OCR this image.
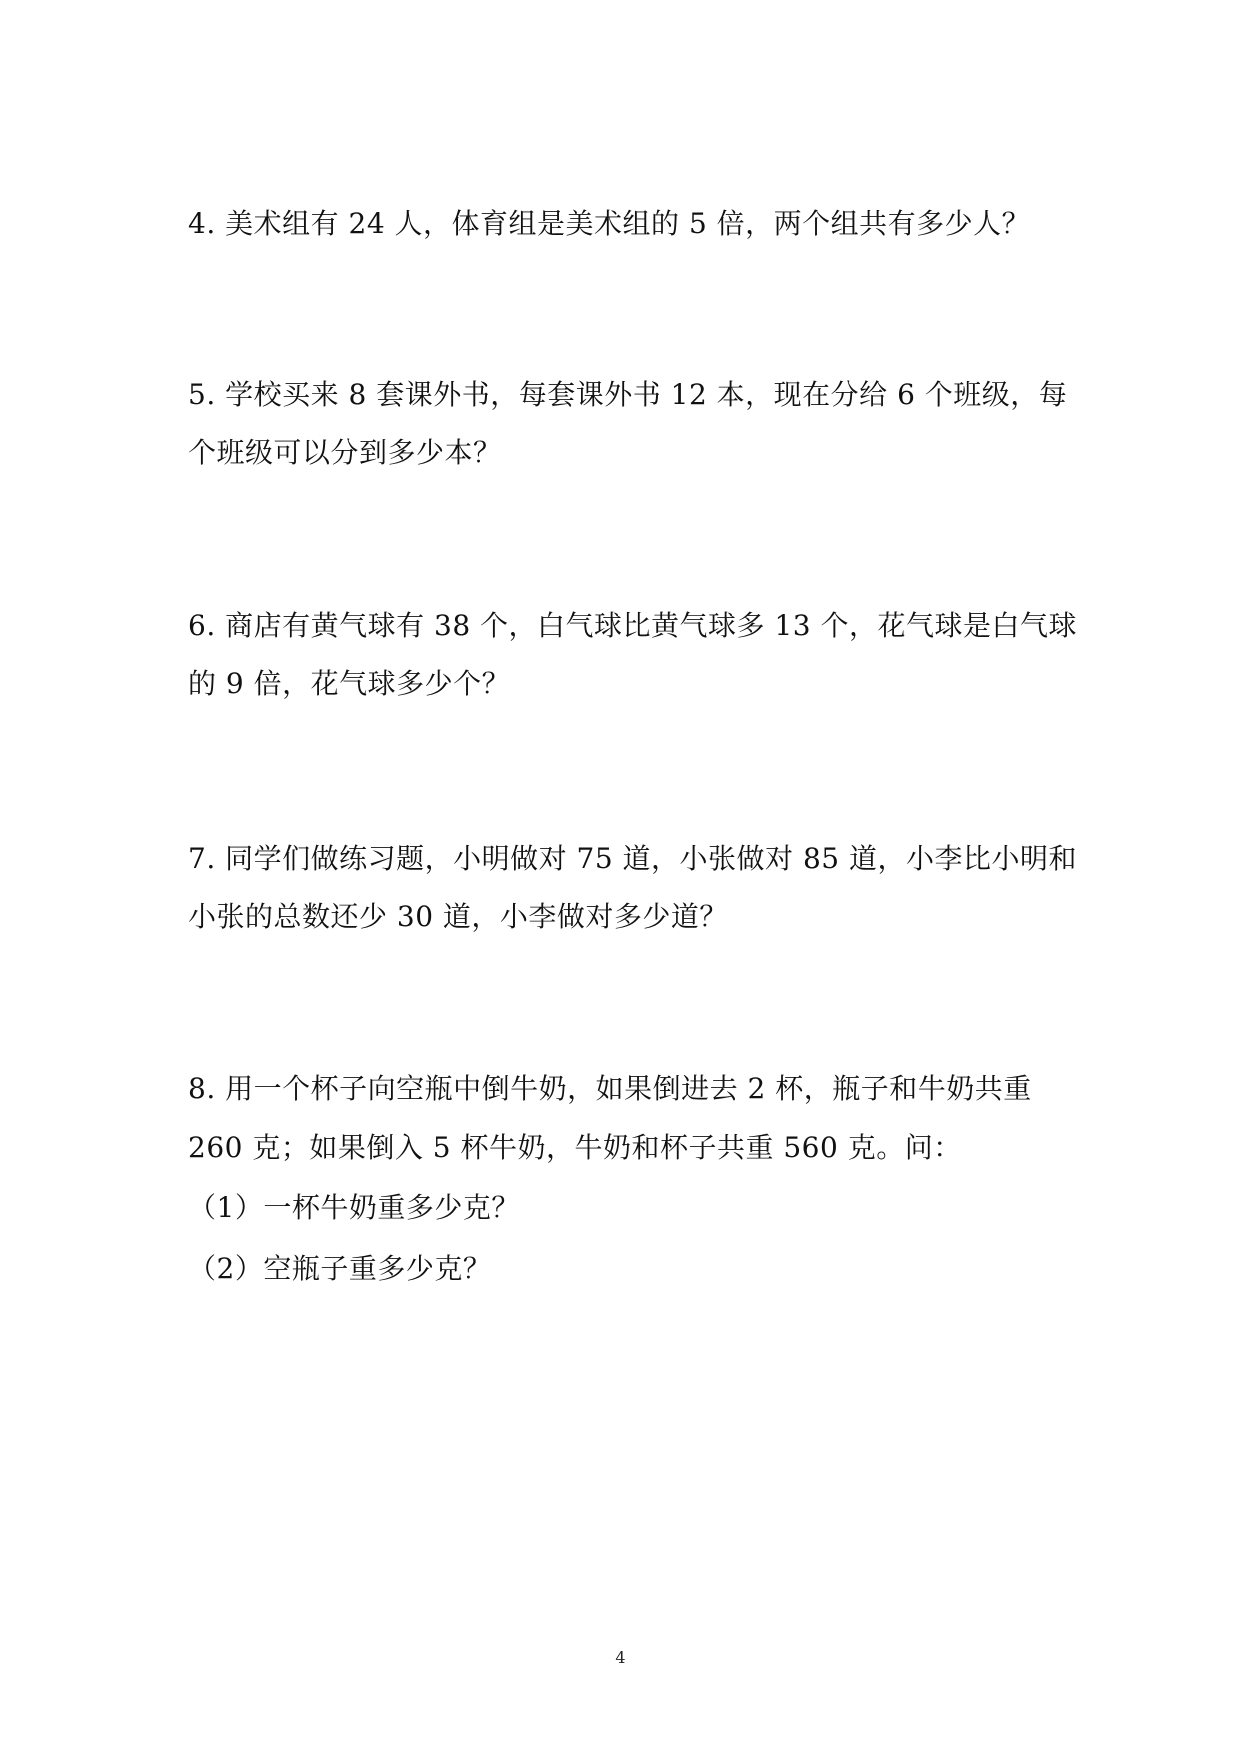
4. 美术组有 24 人，体育组是美术组的 5 倍，两个组共有多少人？
5. 学校买来 8 套课外书，每套课外书 12 本，现在分给 6 个班级，每
个班级可以分到多少本？
6. 商店有黄气球有 38 个，白气球比黄气球多 13 个，花气球是白气球
的 9 倍，花气球多少个？
7. 同学们做练习题，小明做对 75 道，小张做对 85 道，小李比小明和
小张的总数还少 30 道，小李做对多少道？
8. 用一个杯子向空瓶中倒牛奶，如果倒进去 2 杯，瓶子和牛奶共重
260 克；如果倒入 5 杯牛奶，牛奶和杯子共重 560 克。问：
（1）一杯牛奶重多少克？
（2）空瓶子重多少克？
4
